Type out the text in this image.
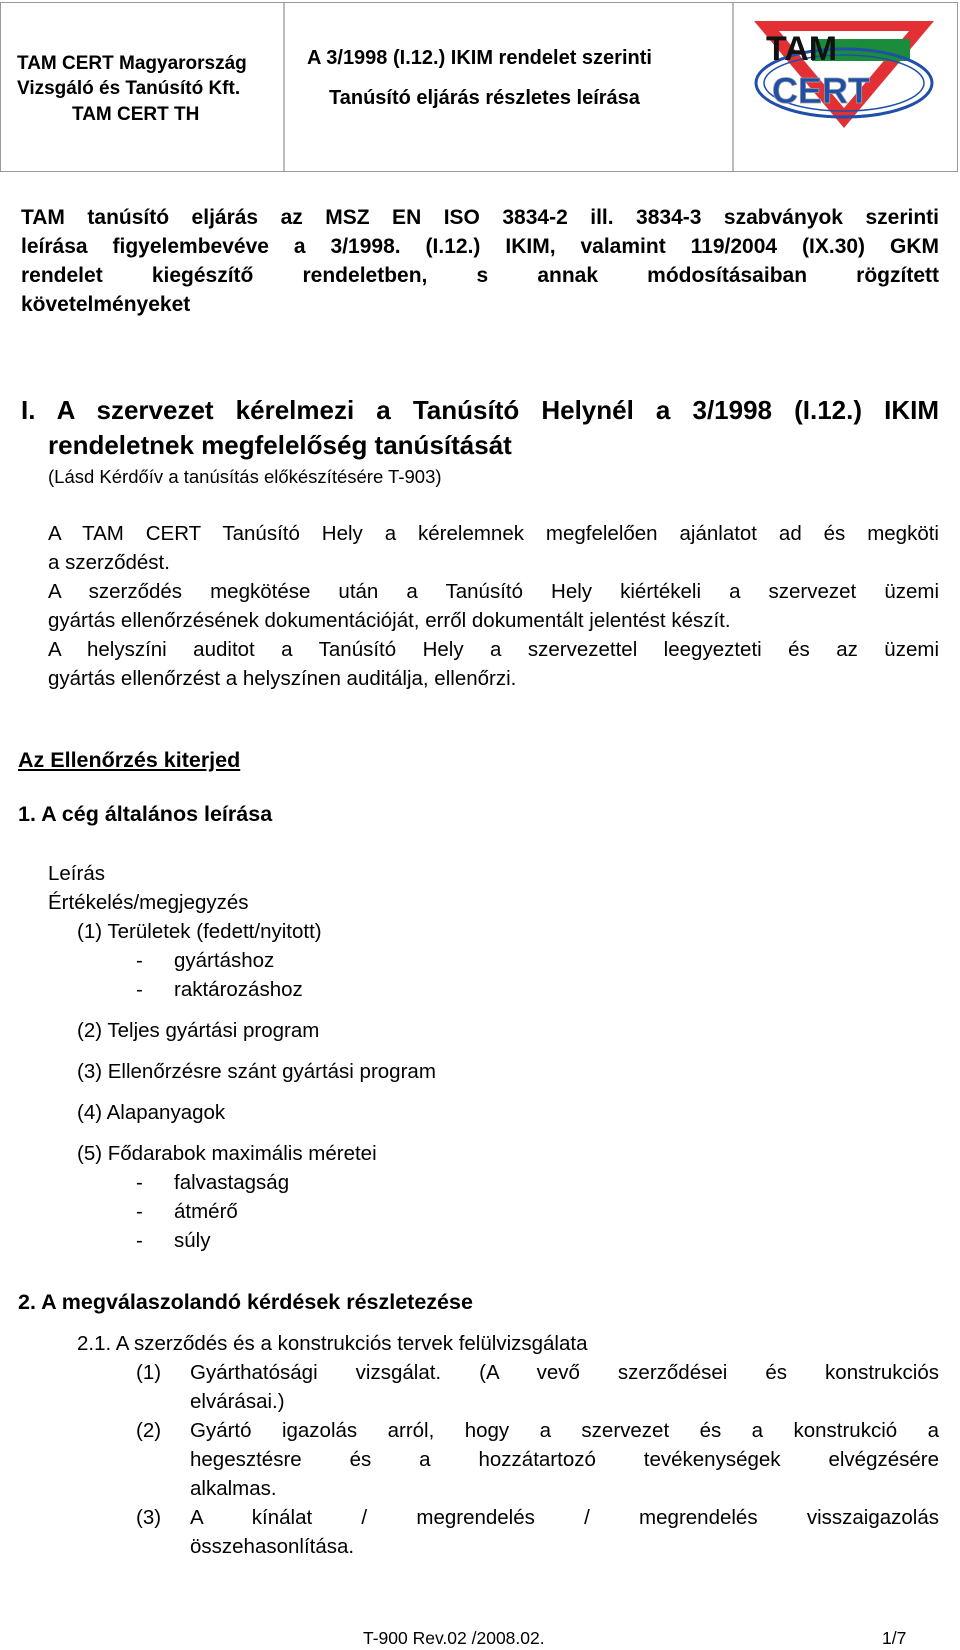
TAM CERT Magyarország
Vizsgáló és Tanúsító Kft.
TAM CERT TH
A 3/1998 (I.12.) IKIM rendelet szerinti
Tanúsító eljárás részletes leírása
TAM
CERT
TAM tanúsító eljárás az MSZ EN ISO 3834-2 ill. 3834-3 szabványok szerinti
leírása figyelembevéve a 3/1998. (I.12.) IKIM, valamint 119/2004 (IX.30) GKM
rendelet kiegészítő rendeletben, s annak módosításaiban rögzített
követelményeket
I. A szervezet kérelmezi a Tanúsító Helynél a 3/1998 (I.12.) IKIM
rendeletnek megfelelőség tanúsítását
(Lásd Kérdőív a tanúsítás előkészítésére T-903)
A TAM CERT Tanúsító Hely a kérelemnek megfelelően ajánlatot ad és megköti
a szerződést.
A szerződés megkötése után a Tanúsító Hely kiértékeli a szervezet üzemi
gyártás ellenőrzésének dokumentációját, erről dokumentált jelentést készít.
A helyszíni auditot a Tanúsító Hely a szervezettel leegyezteti és az üzemi
gyártás ellenőrzést a helyszínen auditálja, ellenőrzi.
Az Ellenőrzés kiterjed
1. A cég általános leírása
Leírás
Értékelés/megjegyzés
(1) Területek (fedett/nyitott)
- gyártáshoz
- raktározáshoz
(2) Teljes gyártási program
(3) Ellenőrzésre szánt gyártási program
(4) Alapanyagok
(5) Fődarabok maximális méretei
- falvastagság
- átmérő
- súly
2. A megválaszolandó kérdések részletezése
2.1. A szerződés és a konstrukciós tervek felülvizsgálata
(1) Gyárthatósági vizsgálat. (A vevő szerződései és konstrukciós
elvárásai.)
(2) Gyártó igazolás arról, hogy a szervezet és a konstrukció a
hegesztésre és a hozzátartozó tevékenységek elvégzésére
alkalmas.
(3) A kínálat / megrendelés / megrendelés visszaigazolás
összehasonlítása.
T-900 Rev.02 /2008.02.	1/7
